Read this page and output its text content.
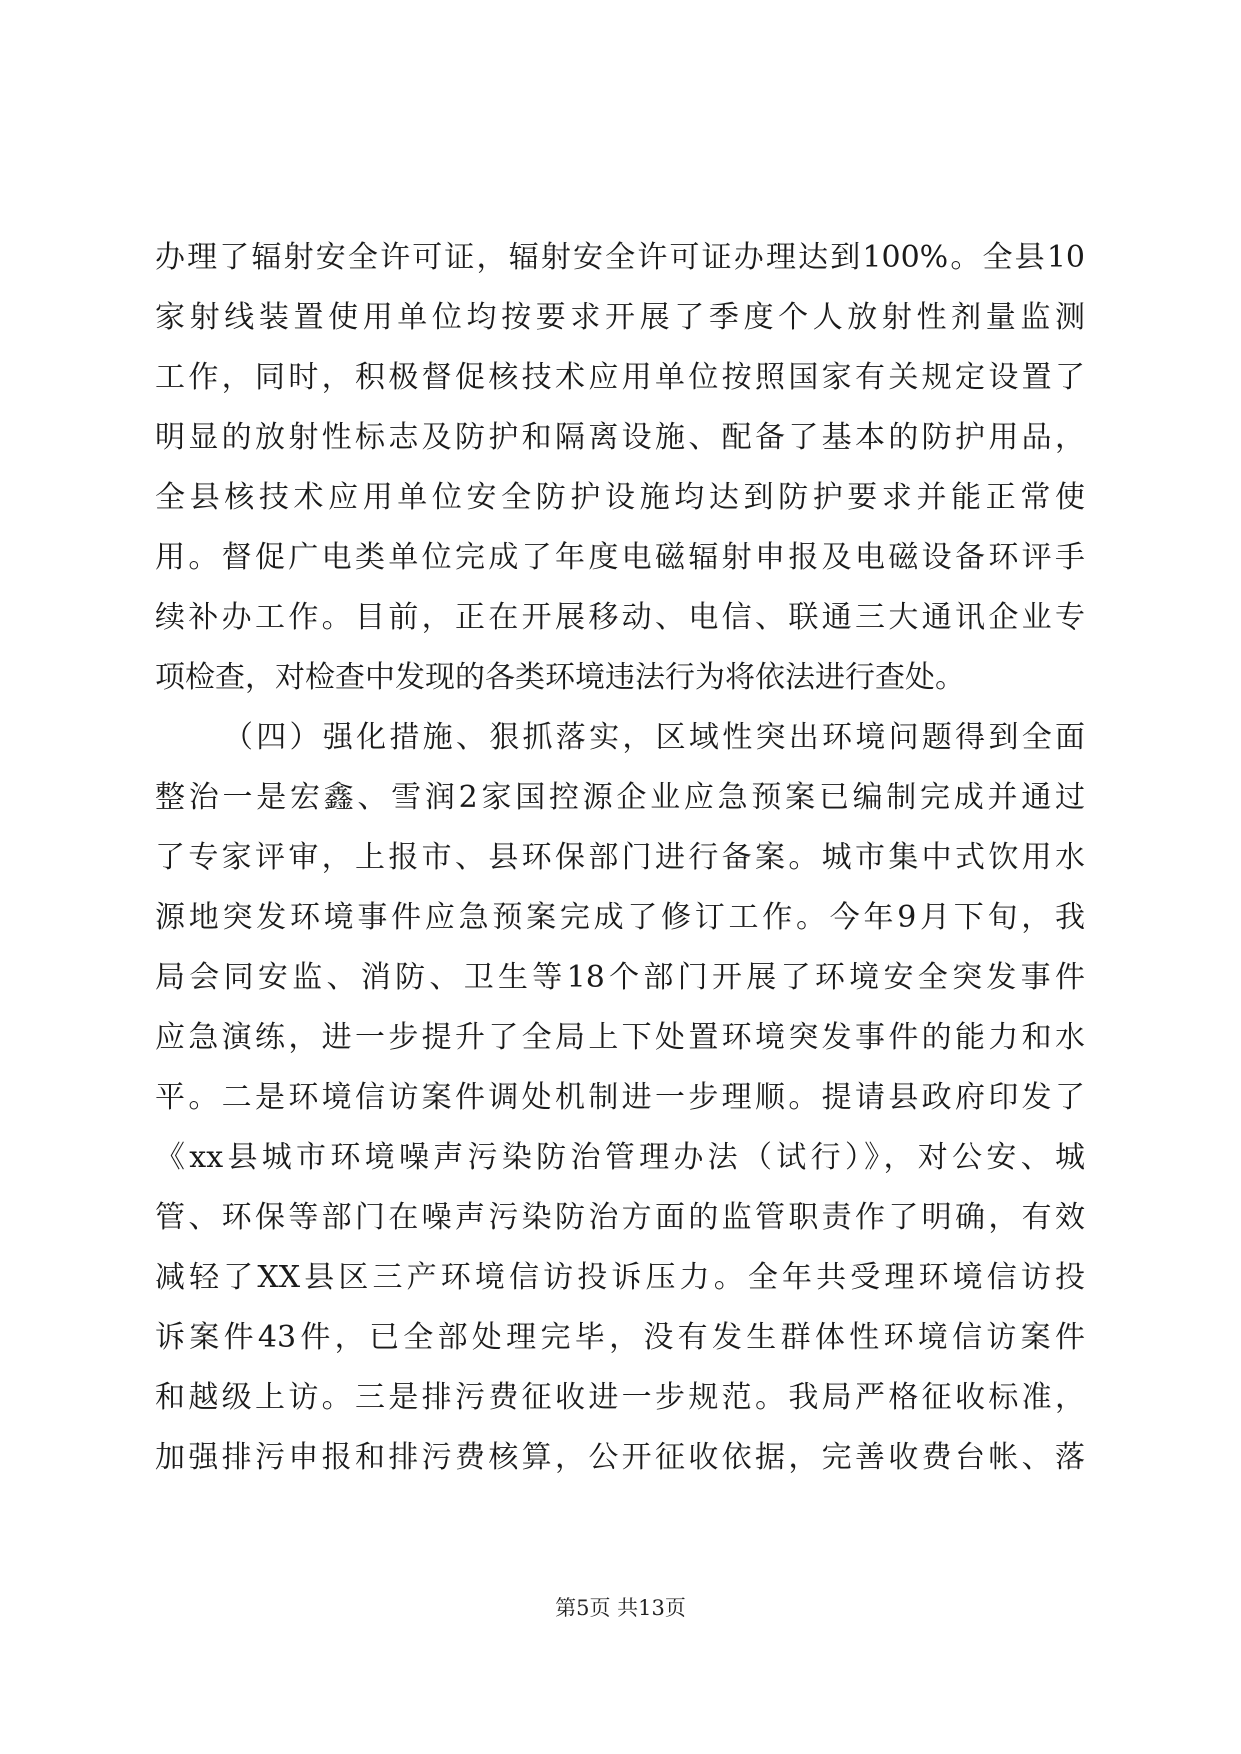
办理了辐射安全许可证，辐射安全许可证办理达到100%。全县10
家射线装置使用单位均按要求开展了季度个人放射性剂量监测
工作，同时，积极督促核技术应用单位按照国家有关规定设置了
明显的放射性标志及防护和隔离设施、配备了基本的防护用品，
全县核技术应用单位安全防护设施均达到防护要求并能正常使
用。督促广电类单位完成了年度电磁辐射申报及电磁设备环评手
续补办工作。目前，正在开展移动、电信、联通三大通讯企业专
项检查，对检查中发现的各类环境违法行为将依法进行查处。
（四）强化措施、狠抓落实，区域性突出环境问题得到全面
整治一是宏鑫、雪润2家国控源企业应急预案已编制完成并通过
了专家评审，上报市、县环保部门进行备案。城市集中式饮用水
源地突发环境事件应急预案完成了修订工作。今年9月下旬，我
局会同安监、消防、卫生等18个部门开展了环境安全突发事件
应急演练，进一步提升了全局上下处置环境突发事件的能力和水
平。二是环境信访案件调处机制进一步理顺。提请县政府印发了
《xx县城市环境噪声污染防治管理办法（试行）》，对公安、城
管、环保等部门在噪声污染防治方面的监管职责作了明确，有效
减轻了XX县区三产环境信访投诉压力。全年共受理环境信访投
诉案件43件，已全部处理完毕，没有发生群体性环境信访案件
和越级上访。三是排污费征收进一步规范。我局严格征收标准，
加强排污申报和排污费核算，公开征收依据，完善收费台帐、落
第5页 共13页
